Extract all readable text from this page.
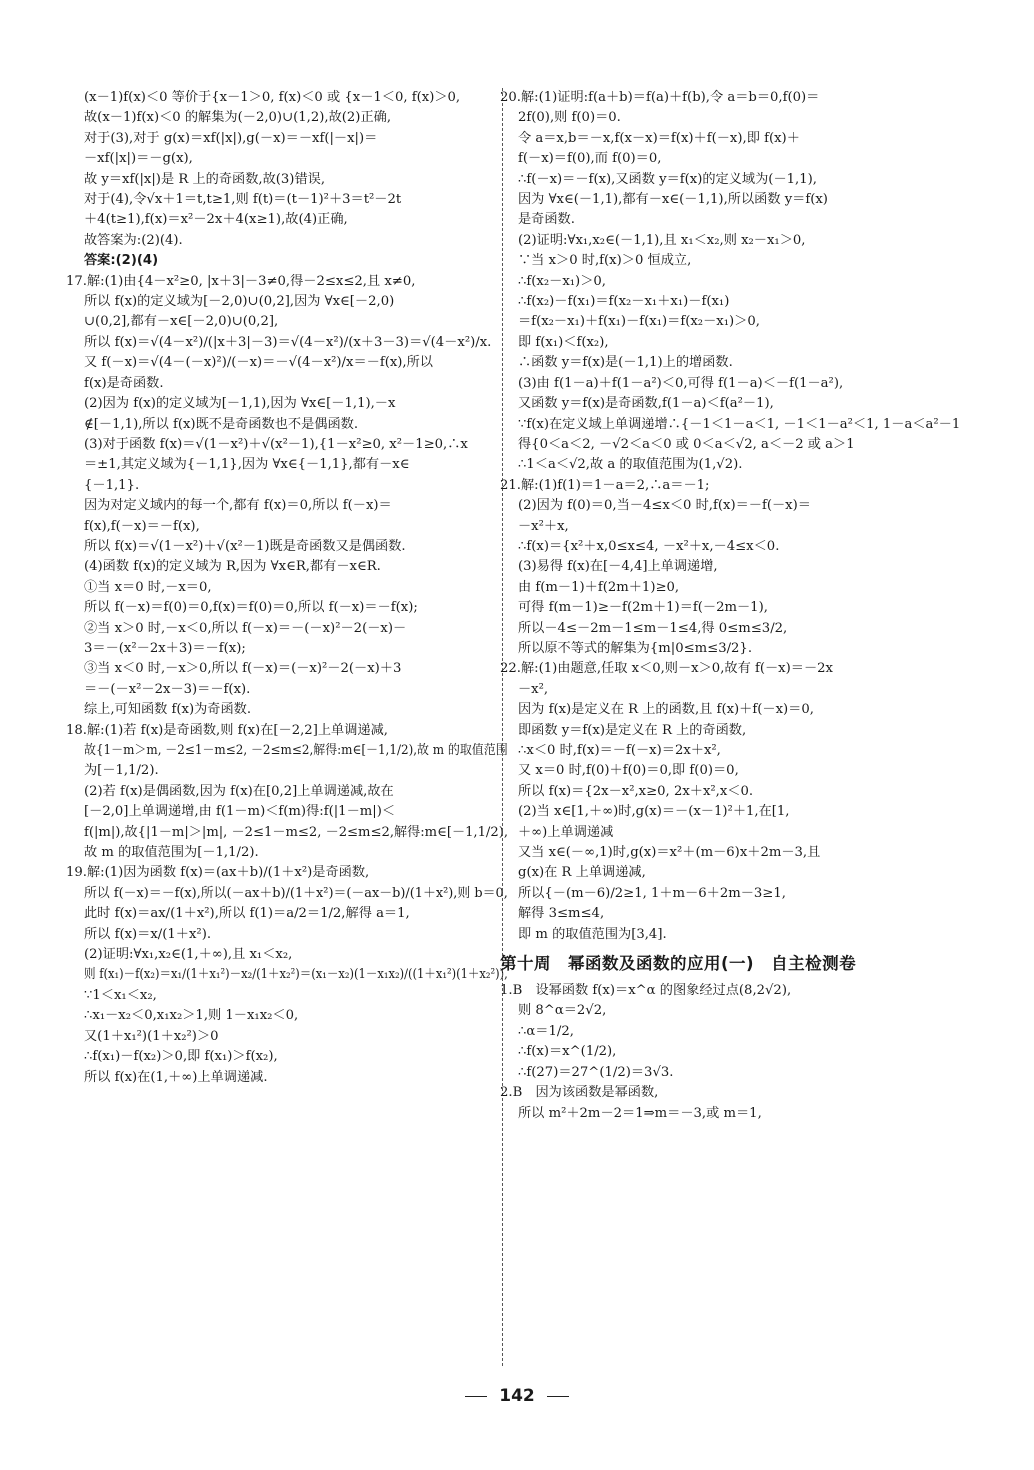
(x－1)f(x)＜0 等价于{x－1＞0, f(x)＜0 或 {x－1＜0, f(x)＞0,
故(x－1)f(x)＜0 的解集为(－2,0)∪(1,2),故(2)正确,
对于(3),对于 g(x)＝xf(|x|),g(－x)＝－xf(|－x|)＝
－xf(|x|)＝－g(x),
故 y＝xf(|x|)是 R 上的奇函数,故(3)错误,
对于(4),令√x＋1＝t,t≥1,则 f(t)＝(t－1)²＋3＝t²－2t
＋4(t≥1),f(x)＝x²－2x＋4(x≥1),故(4)正确,
故答案为:(2)(4).
答案:(2)(4)
17.解:(1)由{4－x²≥0, |x＋3|－3≠0,得－2≤x≤2,且 x≠0,
所以 f(x)的定义域为[－2,0)∪(0,2],因为 ∀x∈[－2,0)
∪(0,2],都有－x∈[－2,0)∪(0,2],
所以 f(x)＝√(4－x²)/(|x＋3|－3)＝√(4－x²)/(x＋3－3)＝√(4－x²)/x.
又 f(－x)＝√(4－(－x)²)/(－x)＝－√(4－x²)/x＝－f(x),所以
f(x)是奇函数.
(2)因为 f(x)的定义域为[－1,1),因为 ∀x∈[－1,1),－x
∉[－1,1),所以 f(x)既不是奇函数也不是偶函数.
(3)对于函数 f(x)＝√(1－x²)＋√(x²－1),{1－x²≥0, x²－1≥0,∴x
＝±1,其定义域为{－1,1},因为 ∀x∈{－1,1},都有－x∈
{－1,1}.
因为对定义域内的每一个,都有 f(x)＝0,所以 f(－x)＝
f(x),f(－x)＝－f(x),
所以 f(x)＝√(1－x²)＋√(x²－1)既是奇函数又是偶函数.
(4)函数 f(x)的定义域为 R,因为 ∀x∈R,都有－x∈R.
①当 x＝0 时,－x＝0,
所以 f(－x)＝f(0)＝0,f(x)＝f(0)＝0,所以 f(－x)＝－f(x);
②当 x＞0 时,－x＜0,所以 f(－x)＝－(－x)²－2(－x)－
3＝－(x²－2x＋3)＝－f(x);
③当 x＜0 时,－x＞0,所以 f(－x)＝(－x)²－2(－x)＋3
＝－(－x²－2x－3)＝－f(x).
综上,可知函数 f(x)为奇函数.
18.解:(1)若 f(x)是奇函数,则 f(x)在[－2,2]上单调递减,
故{1－m＞m, －2≤1－m≤2, －2≤m≤2,解得:m∈[－1,1/2),故 m 的取值范围
为[－1,1/2).
(2)若 f(x)是偶函数,因为 f(x)在[0,2]上单调递减,故在
[－2,0]上单调递增,由 f(1－m)＜f(m)得:f(|1－m|)＜
f(|m|),故{|1－m|＞|m|, －2≤1－m≤2, －2≤m≤2,解得:m∈[－1,1/2),
故 m 的取值范围为[－1,1/2).
19.解:(1)因为函数 f(x)＝(ax＋b)/(1＋x²)是奇函数,
所以 f(－x)＝－f(x),所以(－ax＋b)/(1＋x²)＝(－ax－b)/(1＋x²),则 b＝0,
此时 f(x)＝ax/(1＋x²),所以 f(1)＝a/2＝1/2,解得 a＝1,
所以 f(x)＝x/(1＋x²).
(2)证明:∀x₁,x₂∈(1,＋∞),且 x₁＜x₂,
则 f(x₁)－f(x₂)＝x₁/(1＋x₁²)－x₂/(1＋x₂²)＝(x₁－x₂)(1－x₁x₂)/((1＋x₁²)(1＋x₂²)),
∵1＜x₁＜x₂,
∴x₁－x₂＜0,x₁x₂＞1,则 1－x₁x₂＜0,
又(1＋x₁²)(1＋x₂²)＞0
∴f(x₁)－f(x₂)＞0,即 f(x₁)＞f(x₂),
所以 f(x)在(1,＋∞)上单调递减.
20.解:(1)证明:f(a＋b)＝f(a)＋f(b),令 a＝b＝0,f(0)＝
2f(0),则 f(0)＝0.
令 a＝x,b＝－x,f(x－x)＝f(x)＋f(－x),即 f(x)＋
f(－x)＝f(0),而 f(0)＝0,
∴f(－x)＝－f(x),又函数 y＝f(x)的定义域为(－1,1),
因为 ∀x∈(－1,1),都有－x∈(－1,1),所以函数 y＝f(x)
是奇函数.
(2)证明:∀x₁,x₂∈(－1,1),且 x₁＜x₂,则 x₂－x₁＞0,
∵当 x＞0 时,f(x)＞0 恒成立,
∴f(x₂－x₁)＞0,
∴f(x₂)－f(x₁)＝f(x₂－x₁＋x₁)－f(x₁)
＝f(x₂－x₁)＋f(x₁)－f(x₁)＝f(x₂－x₁)＞0,
即 f(x₁)＜f(x₂),
∴函数 y＝f(x)是(－1,1)上的增函数.
(3)由 f(1－a)＋f(1－a²)＜0,可得 f(1－a)＜－f(1－a²),
又函数 y＝f(x)是奇函数,f(1－a)＜f(a²－1),
∵f(x)在定义域上单调递增∴{－1＜1－a＜1, －1＜1－a²＜1, 1－a＜a²－1
得{0＜a＜2, －√2＜a＜0 或 0＜a＜√2, a＜－2 或 a＞1
∴1＜a＜√2,故 a 的取值范围为(1,√2).
21.解:(1)f(1)＝1－a＝2,∴a＝－1;
(2)因为 f(0)＝0,当－4≤x＜0 时,f(x)＝－f(－x)＝
－x²＋x,
∴f(x)＝{x²＋x,0≤x≤4, －x²＋x,－4≤x＜0.
(3)易得 f(x)在[－4,4]上单调递增,
由 f(m－1)＋f(2m＋1)≥0,
可得 f(m－1)≥－f(2m＋1)＝f(－2m－1),
所以－4≤－2m－1≤m－1≤4,得 0≤m≤3/2,
所以原不等式的解集为{m|0≤m≤3/2}.
22.解:(1)由题意,任取 x＜0,则－x＞0,故有 f(－x)＝－2x
－x²,
因为 f(x)是定义在 R 上的函数,且 f(x)＋f(－x)＝0,
即函数 y＝f(x)是定义在 R 上的奇函数,
∴x＜0 时,f(x)＝－f(－x)＝2x＋x²,
又 x＝0 时,f(0)＋f(0)＝0,即 f(0)＝0,
所以 f(x)＝{2x－x²,x≥0, 2x＋x²,x＜0.
(2)当 x∈[1,＋∞)时,g(x)＝－(x－1)²＋1,在[1,
＋∞)上单调递减
又当 x∈(－∞,1)时,g(x)＝x²＋(m－6)x＋2m－3,且
g(x)在 R 上单调递减,
所以{－(m－6)/2≥1, 1＋m－6＋2m－3≥1,
解得 3≤m≤4,
即 m 的取值范围为[3,4].
第十周　幂函数及函数的应用(一)　自主检测卷
1.B　设幂函数 f(x)＝x^α 的图象经过点(8,2√2),
则 8^α＝2√2,
∴α＝1/2,
∴f(x)＝x^(1/2),
∴f(27)＝27^(1/2)＝3√3.
2.B　因为该函数是幂函数,
所以 m²＋2m－2＝1⇒m＝－3,或 m＝1,
142
